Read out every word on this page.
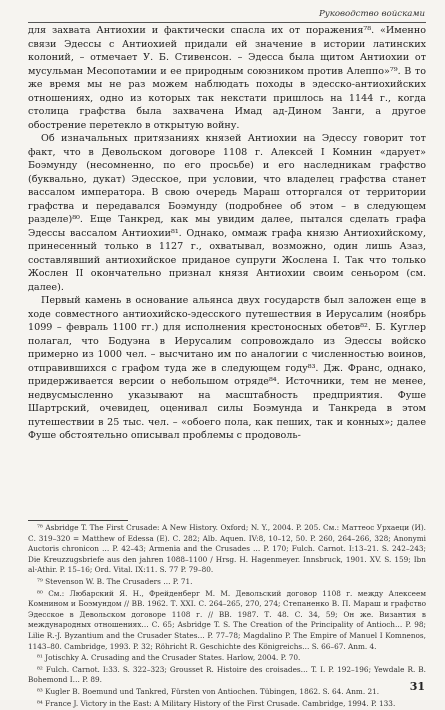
Руководство войсками

для захвата Антиохии и фактически спасла их от поражения⁷⁸. «Именно связи Эдессы с Антиохией придали ей значение в истории латинских колоний, – отмечает У. Б. Стивенсон. – Эдесса была щитом Антиохии от мусульман Месопотамии и ее природным союзником против Алеппо»⁷⁹. В то же время мы не раз можем наблюдать походы в эдесско-антиохийских отношениях, одно из которых так некстати пришлось на 1144 г., когда столица графства была захвачена Имад ад-Дином Занги, а другое обострение перетекло в открытую войну.

Об изначальных притязаниях князей Антиохии на Эдессу говорит тот факт, что в Девольском договоре 1108 г. Алексей I Комнин «дарует» Боэмунду (несомненно, по его просьбе) и его наследникам графство (буквально, дукат) Эдесское, при условии, что владелец графства станет вассалом императора. В свою очередь Мараш отторгался от территории графства и передавался Боэмунду (подробнее об этом – в следующем разделе)⁸⁰. Еще Танкред, как мы увидим далее, пытался сделать графа Эдессы вассалом Антиохии⁸¹. Однако, оммаж графа князю Антиохийскому, принесенный только в 1127 г., охватывал, возможно, один лишь Азаз, составлявший антиохийское приданое супруги Жослена I. Так что только Жослен II окончательно признал князя Антиохии своим сеньором (см. далее).

Первый камень в основание альянса двух государств был заложен еще в ходе совместного антиохийско-эдесского путешествия в Иерусалим (ноябрь 1099 – февраль 1100 гг.) для исполнения крестоносных обетов⁸². Б. Куглер полагал, что Бодуэна в Иерусалим сопровождало из Эдессы войско примерно из 1000 чел. – высчитано им по аналогии с численностью воинов, отправившихся с графом туда же в следующем году⁸³. Дж. Франс, однако, придерживается версии о небольшом отряде⁸⁴. Источники, тем не менее, недвусмысленно указывают на масштабность предприятия. Фуше Шартрский, очевидец, оценивал силы Боэмунда и Танкреда в этом путешествии в 25 тыс. чел. – «обоего пола, как пеших, так и конных»; далее Фуше обстоятельно описывал проблемы с продоволь-

⁷⁸ Asbridge T. The First Crusade: A New History. Oxford; N. Y., 2004. P. 205. См.: Маттеос Урхаеци (И). С. 319–320 = Matthew of Edessa (E). С. 282; Alb. Aquen. IV:8, 10–12, 50. P. 260, 264–266, 328; Anonymi Auctoris chronicon … P. 42–43; Armenia and the Crusades … P. 170; Fulch. Carnot. I:13–21. S. 242–243; Die Kreuzzugsbriefe aus den jahren 1088–1100 / Hrsg. H. Hagenmeyer. Innsbruck, 1901. XV. S. 159; Ibn al-Athir. P. 15–16; Ord. Vital. IX:11. S. 77 P. 79–80.

⁷⁹ Stevenson W. B. The Crusaders … P. 71.

⁸⁰ См.: Любарский Я. Н., Фрейденберг М. М. Девольский договор 1108 г. между Алексеем Комнином и Боэмундом // ВВ. 1962. Т. XXI. С. 264–265, 270, 274; Степаненко В. П. Мараш и графство Эдесское в Девольском договоре 1108 г. // ВВ. 1987. Т. 48. С. 34, 59; Он же. Византия в международных отношениях… С. 65; Asbridge T. S. The Creation of the Principality of Antioch… P. 98; Lilie R.-J. Byzantium and the Crusader States… P. 77–78; Magdalino P. The Empire of Manuel I Komnenos, 1143–80. Cambridge, 1993. P. 32; Röhricht R. Geschichte des Königreichs… S. 66–67. Anm. 4.

⁸¹ Jotischky A. Crusading and the Crusader States. Harlow, 2004. P. 70.

⁸² Fulch. Carnot. I:33. S. 322–323; Grousset R. Histoire des croisades… T. I. P. 192–196; Yewdale R. B. Bohemond I… P. 89.

⁸³ Kugler B. Boemund und Tankred, Fürsten von Antiochen. Tübingen, 1862. S. 64. Anm. 21.

⁸⁴ France J. Victory in the East: A Military History of the First Crusade. Cambridge, 1994. P. 133.

31
